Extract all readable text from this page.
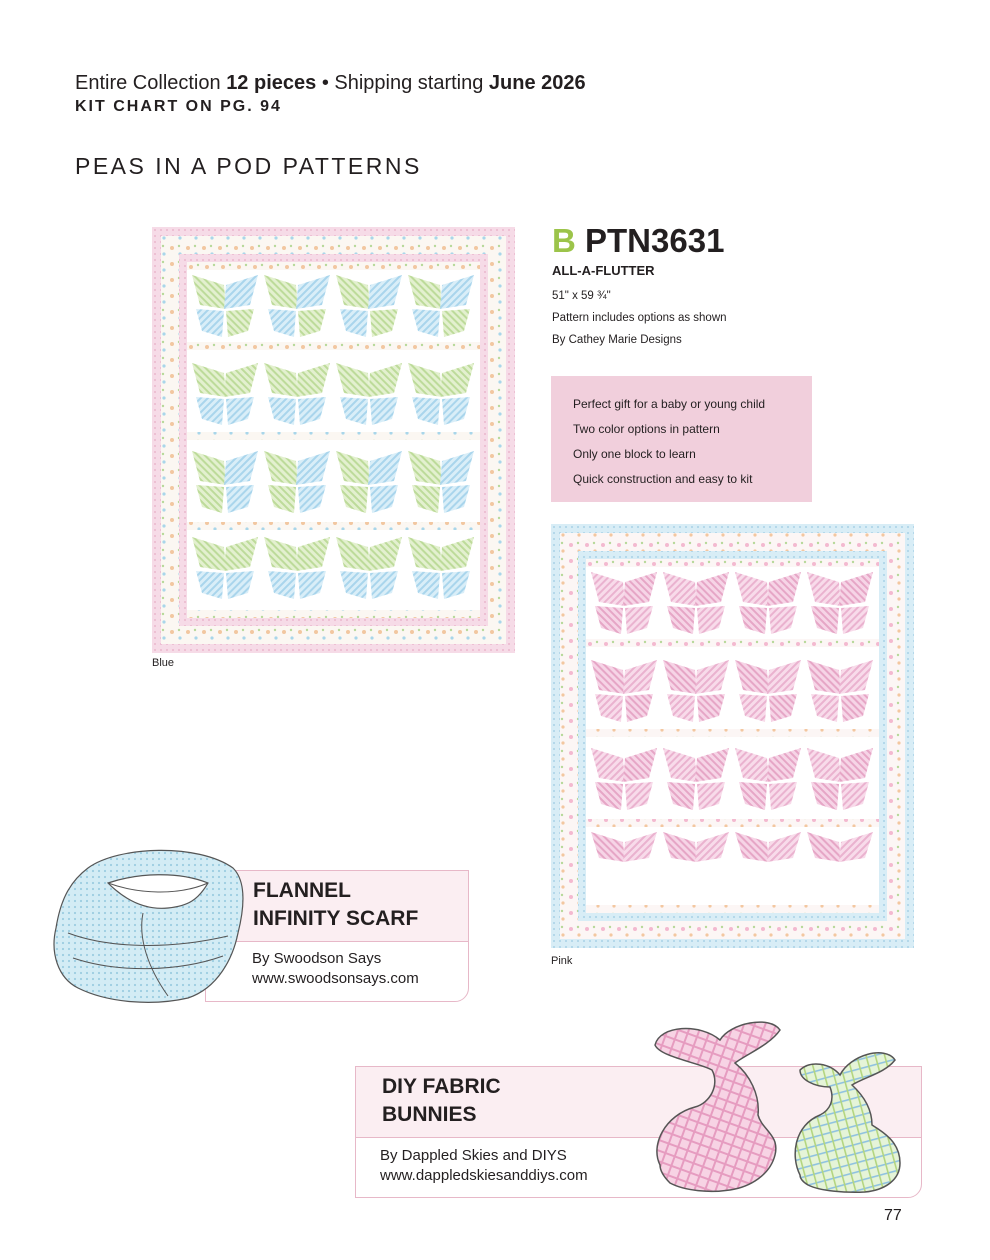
Entire Collection 12 pieces • Shipping starting June 2026
KIT CHART ON PG. 94
PEAS IN A POD PATTERNS
Blue
B PTN3631
ALL-A-FLUTTER
51" x 59 ¾"
Pattern includes options as shown
By Cathey Marie Designs
Perfect gift for a baby or young child
Two color options in pattern
Only one block to learn
Quick construction and easy to kit
Pink
FLANNEL
INFINITY SCARF
By Swoodson Says
www.swoodsonsays.com
DIY FABRIC
BUNNIES
By Dappled Skies and DIYS
www.dappledskiesanddiys.com
77
